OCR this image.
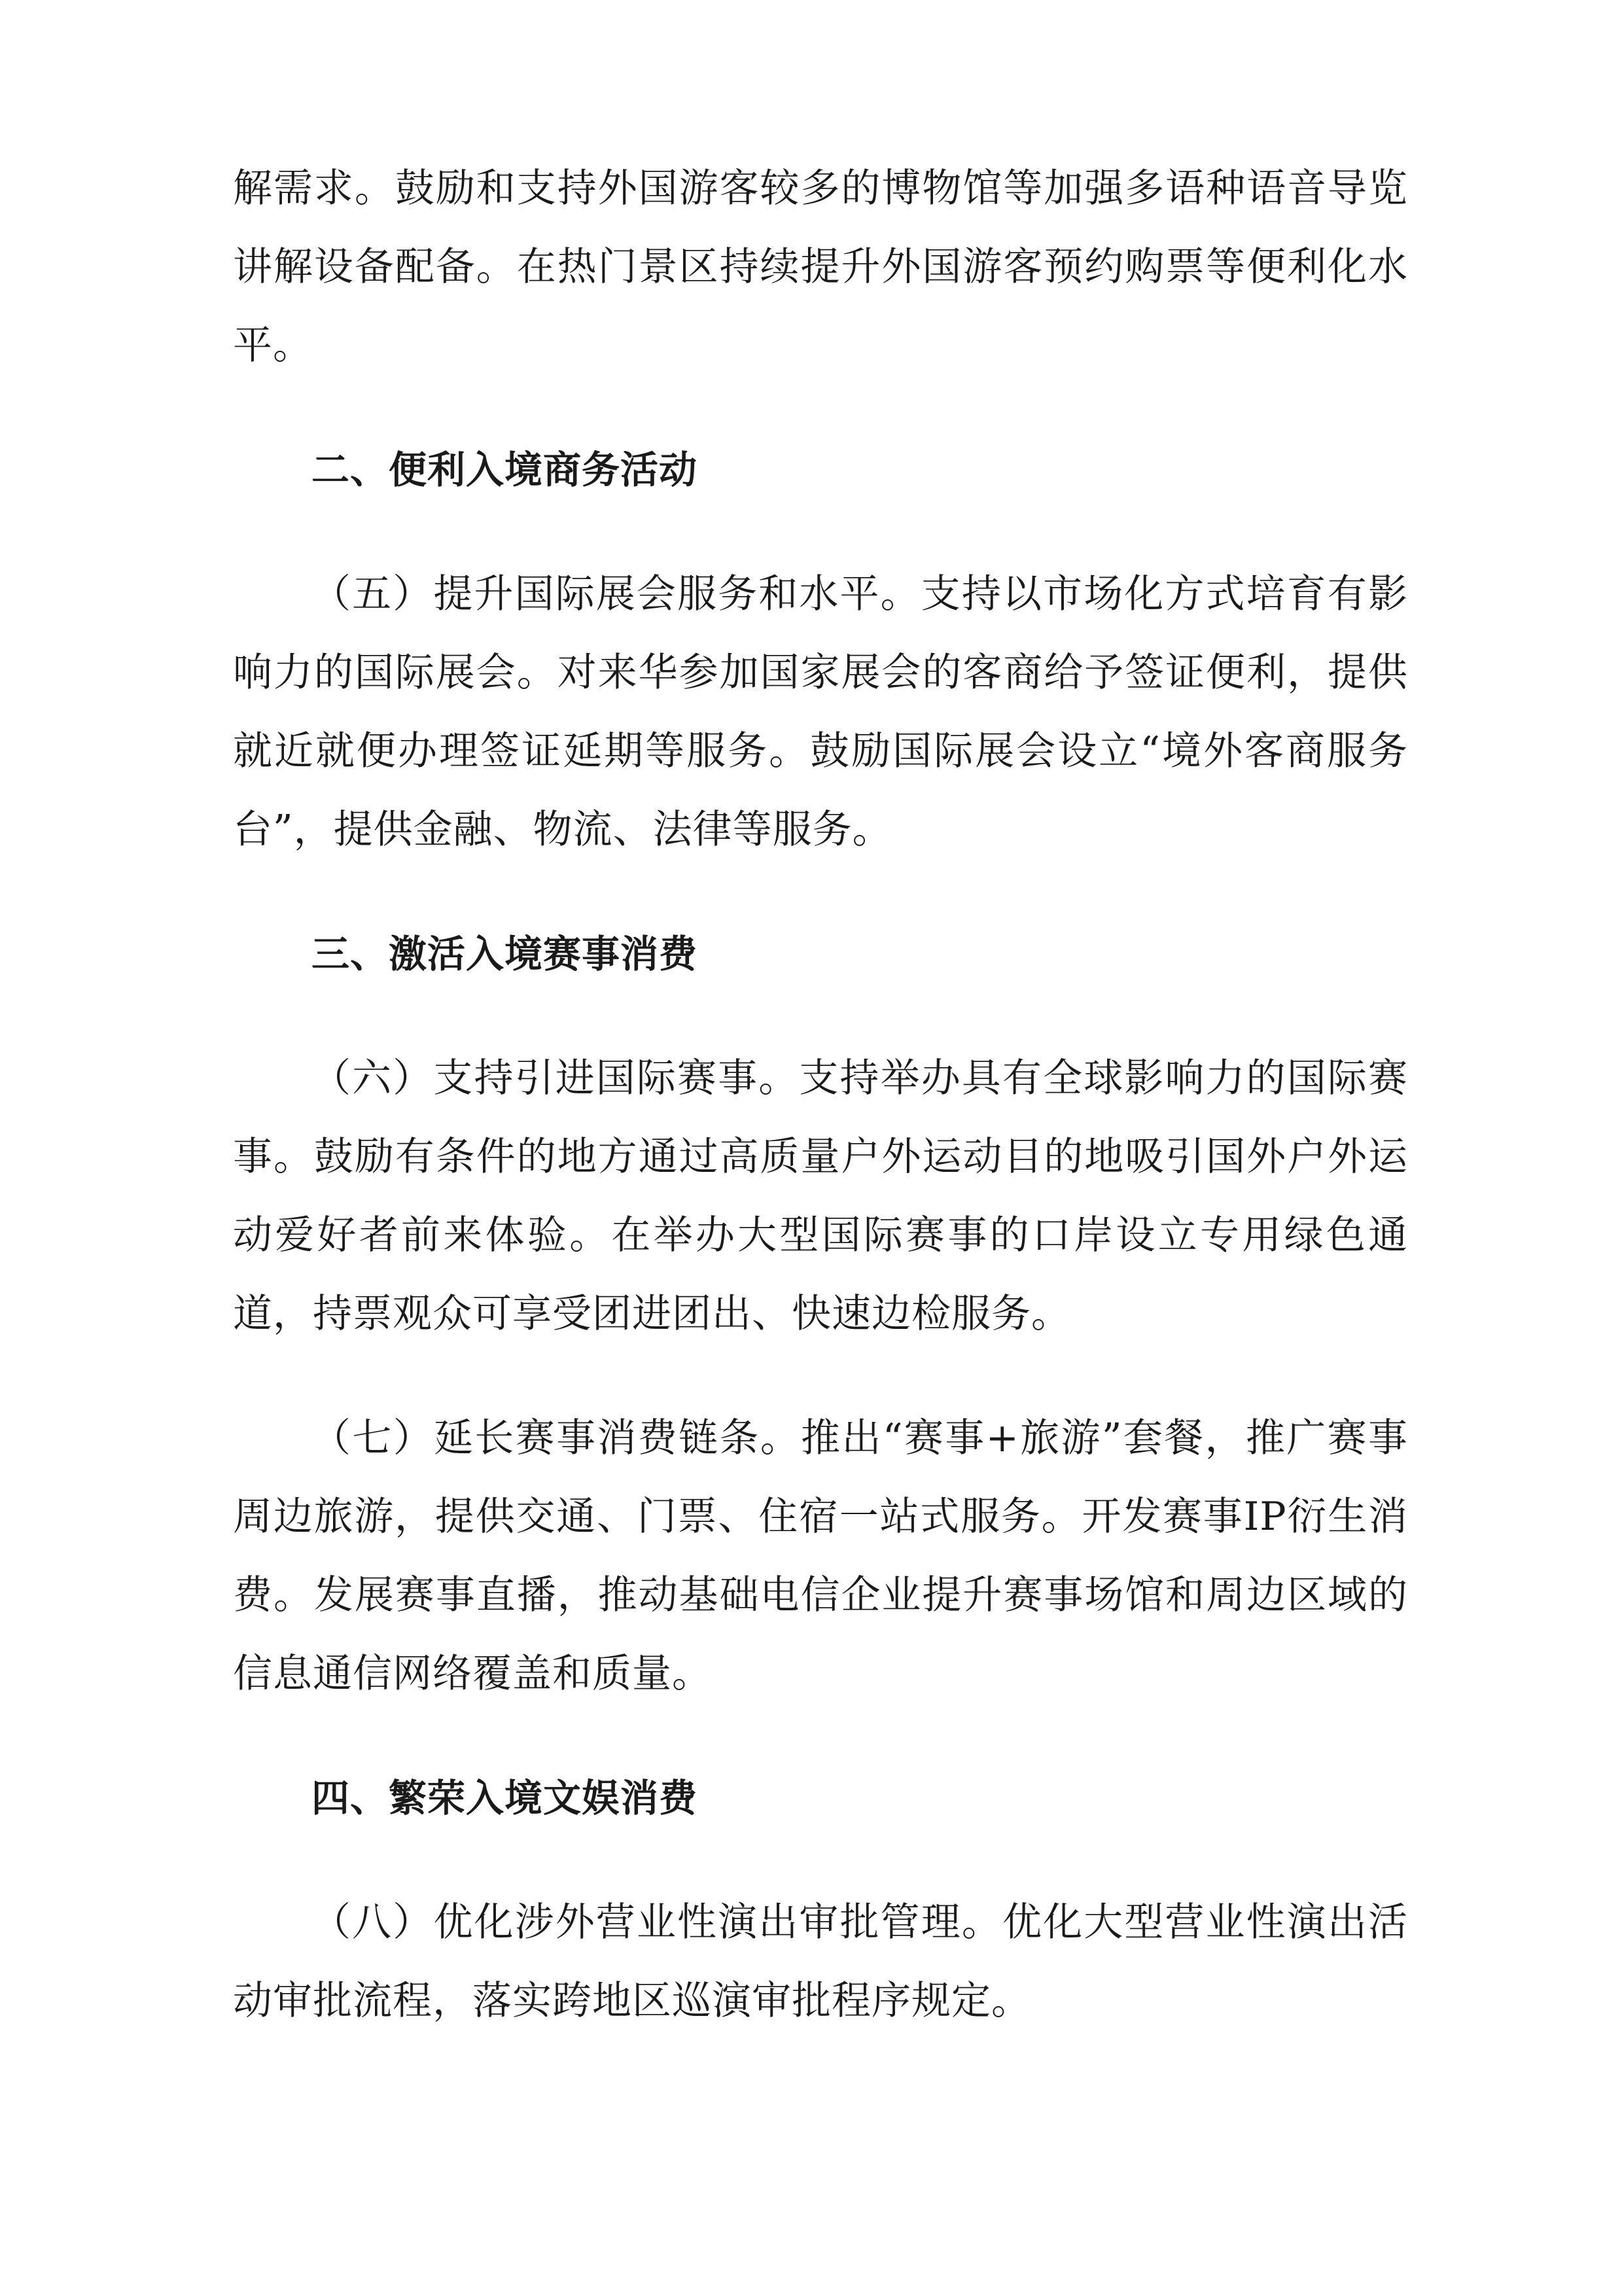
解需求。鼓励和支持外国游客较多的博物馆等加强多语种语音导览讲解设备配备。在热门景区持续提升外国游客预约购票等便利化水平。

二、便利入境商务活动

（五）提升国际展会服务和水平。支持以市场化方式培育有影响力的国际展会。对来华参加国家展会的客商给予签证便利，提供就近就便办理签证延期等服务。鼓励国际展会设立“境外客商服务台”，提供金融、物流、法律等服务。

三、激活入境赛事消费

（六）支持引进国际赛事。支持举办具有全球影响力的国际赛事。鼓励有条件的地方通过高质量户外运动目的地吸引国外户外运动爱好者前来体验。在举办大型国际赛事的口岸设立专用绿色通道，持票观众可享受团进团出、快速边检服务。

（七）延长赛事消费链条。推出“赛事+旅游”套餐，推广赛事周边旅游，提供交通、门票、住宿一站式服务。开发赛事IP衍生消费。发展赛事直播，推动基础电信企业提升赛事场馆和周边区域的信息通信网络覆盖和质量。

四、繁荣入境文娱消费

（八）优化涉外营业性演出审批管理。优化大型营业性演出活动审批流程，落实跨地区巡演审批程序规定。
